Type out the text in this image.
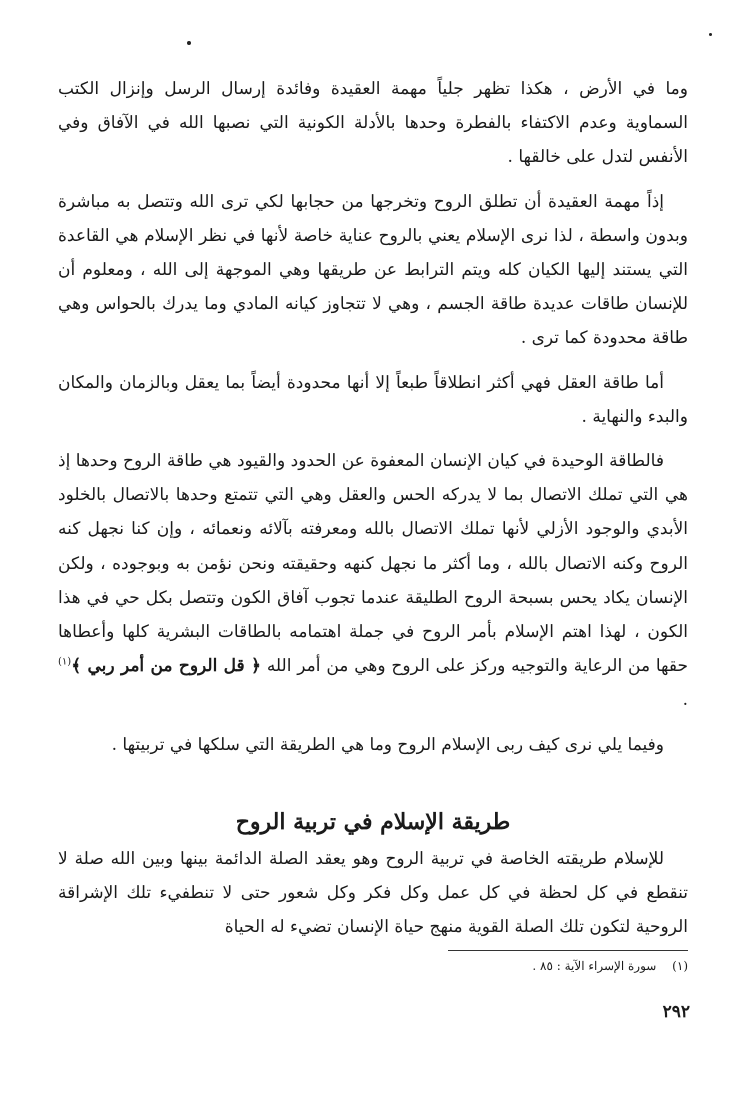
وما في الأرض ، هكذا تظهر جلياً مهمة العقيدة وفائدة إرسال الرسل وإنزال الكتب السماوية وعدم الاكتفاء بالفطرة وحدها بالأدلة الكونية التي نصبها الله في الآفاق وفي الأنفس لتدل على خالقها .

إذاً مهمة العقيدة أن تطلق الروح وتخرجها من حجابها لكي ترى الله وتتصل به مباشرة وبدون واسطة ، لذا نرى الإسلام يعني بالروح عناية خاصة لأنها في نظر الإسلام هي القاعدة التي يستند إليها الكيان كله ويتم الترابط عن طريقها وهي الموجهة إلى الله ، ومعلوم أن للإنسان طاقات عديدة طاقة الجسم ، وهي لا تتجاوز كيانه المادي وما يدرك بالحواس وهي طاقة محدودة كما ترى .

أما طاقة العقل فهي أكثر انطلاقاً طبعاً إلا أنها محدودة أيضاً بما يعقل وبالزمان والمكان والبدء والنهاية .

فالطاقة الوحيدة في كيان الإنسان المعفوة عن الحدود والقيود هي طاقة الروح وحدها إذ هي التي تملك الاتصال بما لا يدركه الحس والعقل وهي التي تتمتع وحدها بالاتصال بالخلود الأبدي والوجود الأزلي لأنها تملك الاتصال بالله ومعرفته بآلائه ونعمائه ، وإن كنا نجهل كنه الروح وكنه الاتصال بالله ، وما أكثر ما نجهل كنهه وحقيقته ونحن نؤمن به وبوجوده ، ولكن الإنسان يكاد يحس بسبحة الروح الطليقة عندما تجوب آفاق الكون وتتصل بكل حي في هذا الكون ، لهذا اهتم الإسلام بأمر الروح في جملة اهتمامه بالطاقات البشرية كلها وأعطاها حقها من الرعاية والتوجيه وركز على الروح وهي من أمر الله ﴿ قل الروح من أمر ربي ﴾$^{(١)}$ .

وفيما يلي نرى كيف ربى الإسلام الروح وما هي الطريقة التي سلكها في تربيتها .

طريقة الإسلام في تربية الروح

للإسلام طريقته الخاصة في تربية الروح وهو يعقد الصلة الدائمة بينها وبين الله صلة لا تنقطع في كل لحظة في كل عمل وكل فكر وكل شعور حتى لا تنطفيء تلك الإشراقة الروحية لتكون تلك الصلة القوية منهج حياة الإنسان تضيء له الحياة

(١) سورة الإسراء الآية : ٨٥ .
٢٩٢
